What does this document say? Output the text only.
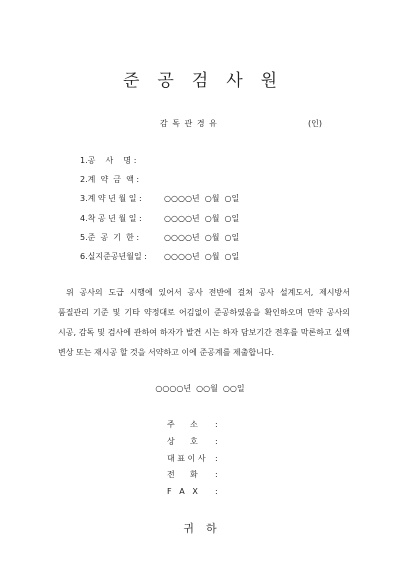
준공검사원
감 독 관 경 유	(인)
1.공    사    명 :
2.계  약  금  액 :
3.계 약 년 월 일 :	○○○○년  ○월  ○일
4.착 공 년 월 일 :	○○○○년  ○월  ○일
5.준  공  기  한 :	○○○○년  ○월  ○일
6.실지준공년월일 : ○○○○년  ○월  ○일
위 공사의 도급 시행에 있어서 공사 전반에 걸쳐 공사 설계도서, 제시방서 품질관리 기준 및 기타 약정대로 어김없이 준공하였음을 확인하오며 만약 공사의 시공, 감독 및 검사에 관하여 하자가 발견 시는 하자 담보기간 전후를 막론하고 실액 변상 또는 재시공 할 것을 서약하고 이에 준공계를 제출합니다.
○○○○년  ○○월  ○○일
주      소 :
상      호 :
대 표 이 사 :
전      화 :
F   A   X :
귀하
